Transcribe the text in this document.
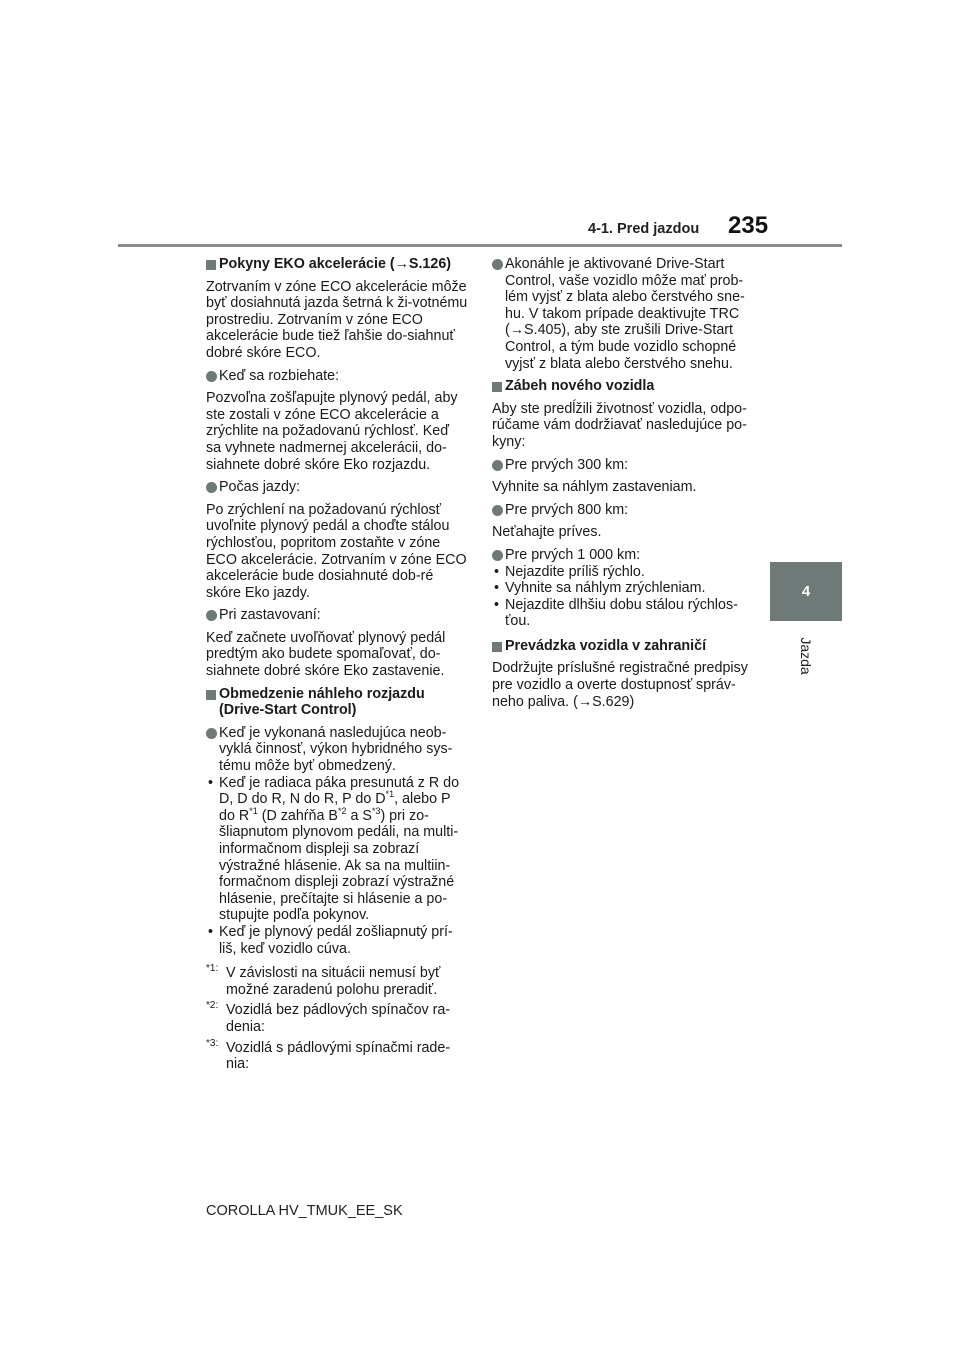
4-1. Pred jazdou 235
4
Jazda

Pokyny EKO akcelerácie (→S.126)

Zotrvaním v zóne ECO akcelerácie môže byť dosiahnutá jazda šetrná k ži-votnému prostrediu. Zotrvaním v zóne ECO akcelerácie bude tiež ľahšie do-siahnuť dobré skóre ECO.

Keď sa rozbiehate:

Pozvoľna zošľapujte plynový pedál, aby ste zostali v zóne ECO akcelerácie a zrýchlite na požadovanú rýchlosť. Keď sa vyhnete nadmernej akcelerácii, do-siahnete dobré skóre Eko rozjazdu.

Počas jazdy:

Po zrýchlení na požadovanú rýchlosť uvoľnite plynový pedál a choďte stálou rýchlosťou, popritom zostaňte v zóne ECO akcelerácie. Zotrvaním v zóne ECO akcelerácie bude dosiahnuté dob-ré skóre Eko jazdy.

Pri zastavovaní:

Keď začnete uvoľňovať plynový pedál predtým ako budete spomaľovať, do-siahnete dobré skóre Eko zastavenie.

Obmedzenie náhleho rozjazdu (Drive-Start Control)

Keď je vykonaná nasledujúca neob-vyklá činnosť, výkon hybridného sys-tému môže byť obmedzený.

• Keď je radiaca páka presunutá z R do D, D do R, N do R, P do $D^{*1}$, alebo P do $R^{*1}$ (D zahŕňa $B^{*2}$ a $S^{*3}$) pri zo-šliapnutom plynovom pedáli, na multi-informačnom displeji sa zobrazí výstražné hlásenie. Ak sa na multiin-formačnom displeji zobrazí výstražné hlásenie, prečítajte si hlásenie a po-stupujte podľa pokynov.
• Keď je plynový pedál zošliapnutý prí-liš, keď vozidlo cúva.
*1: V závislosti na situácii nemusí byť možné zaradenú polohu preradiť.
*2: Vozidlá bez pádlových spínačov ra-denia:
*3: Vozidlá s pádlovými spínačmi rade-nia:

Akonáhle je aktivované Drive-Start Control, vaše vozidlo môže mať prob-lém vyjsť z blata alebo čerstvého sne-hu. V takom prípade deaktivujte TRC (→S.405), aby ste zrušili Drive-Start Control, a tým bude vozidlo schopné vyjsť z blata alebo čerstvého snehu.

Zábeh nového vozidla

Aby ste predĺžili životnosť vozidla, odpo-rúčame vám dodržiavať nasledujúce po-kyny:

Pre prvých 300 km:

Vyhnite sa náhlym zastaveniam.

Pre prvých 800 km:

Neťahajte príves.

Pre prvých 1 000 km:

• Nejazdite príliš rýchlo.
• Vyhnite sa náhlym zrýchleniam.
• Nejazdite dlhšiu dobu stálou rýchlos-ťou.

Prevádzka vozidla v zahraničí

Dodržujte príslušné registračné predpisy pre vozidlo a overte dostupnosť správ-neho paliva. (→S.629)

COROLLA HV_TMUK_EE_SK
